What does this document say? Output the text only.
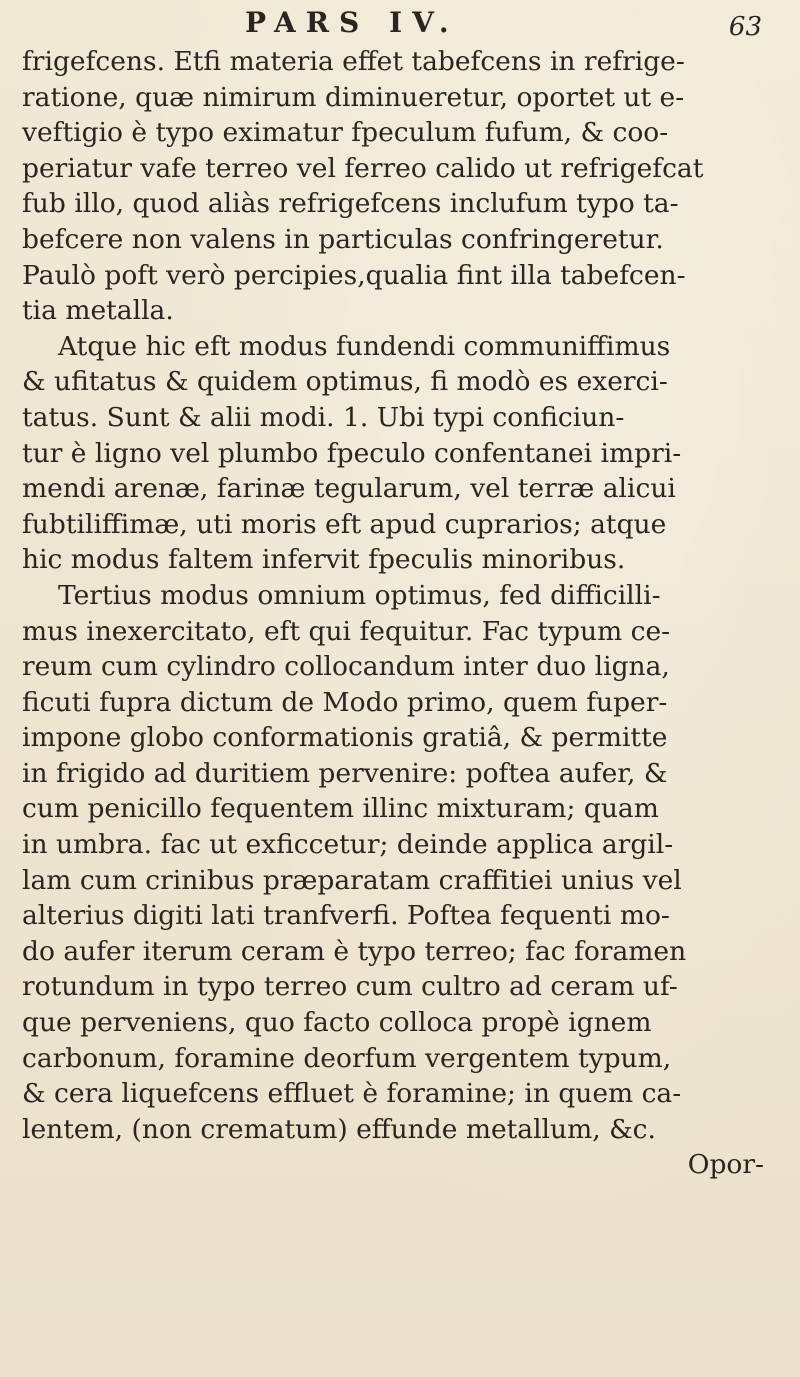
PARS IV.	63
frigefcens. Etfi materia effet tabefcens in refrige-
ratione, quæ nimirum diminueretur, oportet ut e-
veftigio è typo eximatur fpeculum fufum, & coo-
periatur vafe terreo vel ferreo calido ut refrigefcat
fub illo, quod aliàs refrigefcens inclufum typo ta-
befcere non valens in particulas confringeretur.
Paulò poft verò percipies,qualia fint illa tabefcen-
tia metalla.
Atque hic eft modus fundendi communiffimus
& ufitatus & quidem optimus, fi modò es exerci-
tatus. Sunt & alii modi. 1. Ubi typi conficiun-
tur è ligno vel plumbo fpeculo confentanei impri-
mendi arenæ, farinæ tegularum, vel terræ alicui
fubtiliffimæ, uti moris eft apud cuprarios; atque
hic modus faltem infervit fpeculis minoribus.
Tertius modus omnium optimus, fed difficilli-
mus inexercitato, eft qui fequitur. Fac typum ce-
reum cum cylindro collocandum inter duo ligna,
ficuti fupra dictum de Modo primo, quem fuper-
impone globo conformationis gratiâ, & permitte
in frigido ad duritiem pervenire: poftea aufer, &
cum penicillo fequentem illinc mixturam; quam
in umbra. fac ut exficcetur; deinde applica argil-
lam cum crinibus præparatam craffitiei unius vel
alterius digiti lati tranfverfi. Poftea fequenti mo-
do aufer iterum ceram è typo terreo; fac foramen
rotundum in typo terreo cum cultro ad ceram uf-
que perveniens, quo facto colloca propè ignem
carbonum, foramine deorfum vergentem typum,
& cera liquefcens effluet è foramine; in quem ca-
lentem, (non crematum) effunde metallum, &c.
Opor-
